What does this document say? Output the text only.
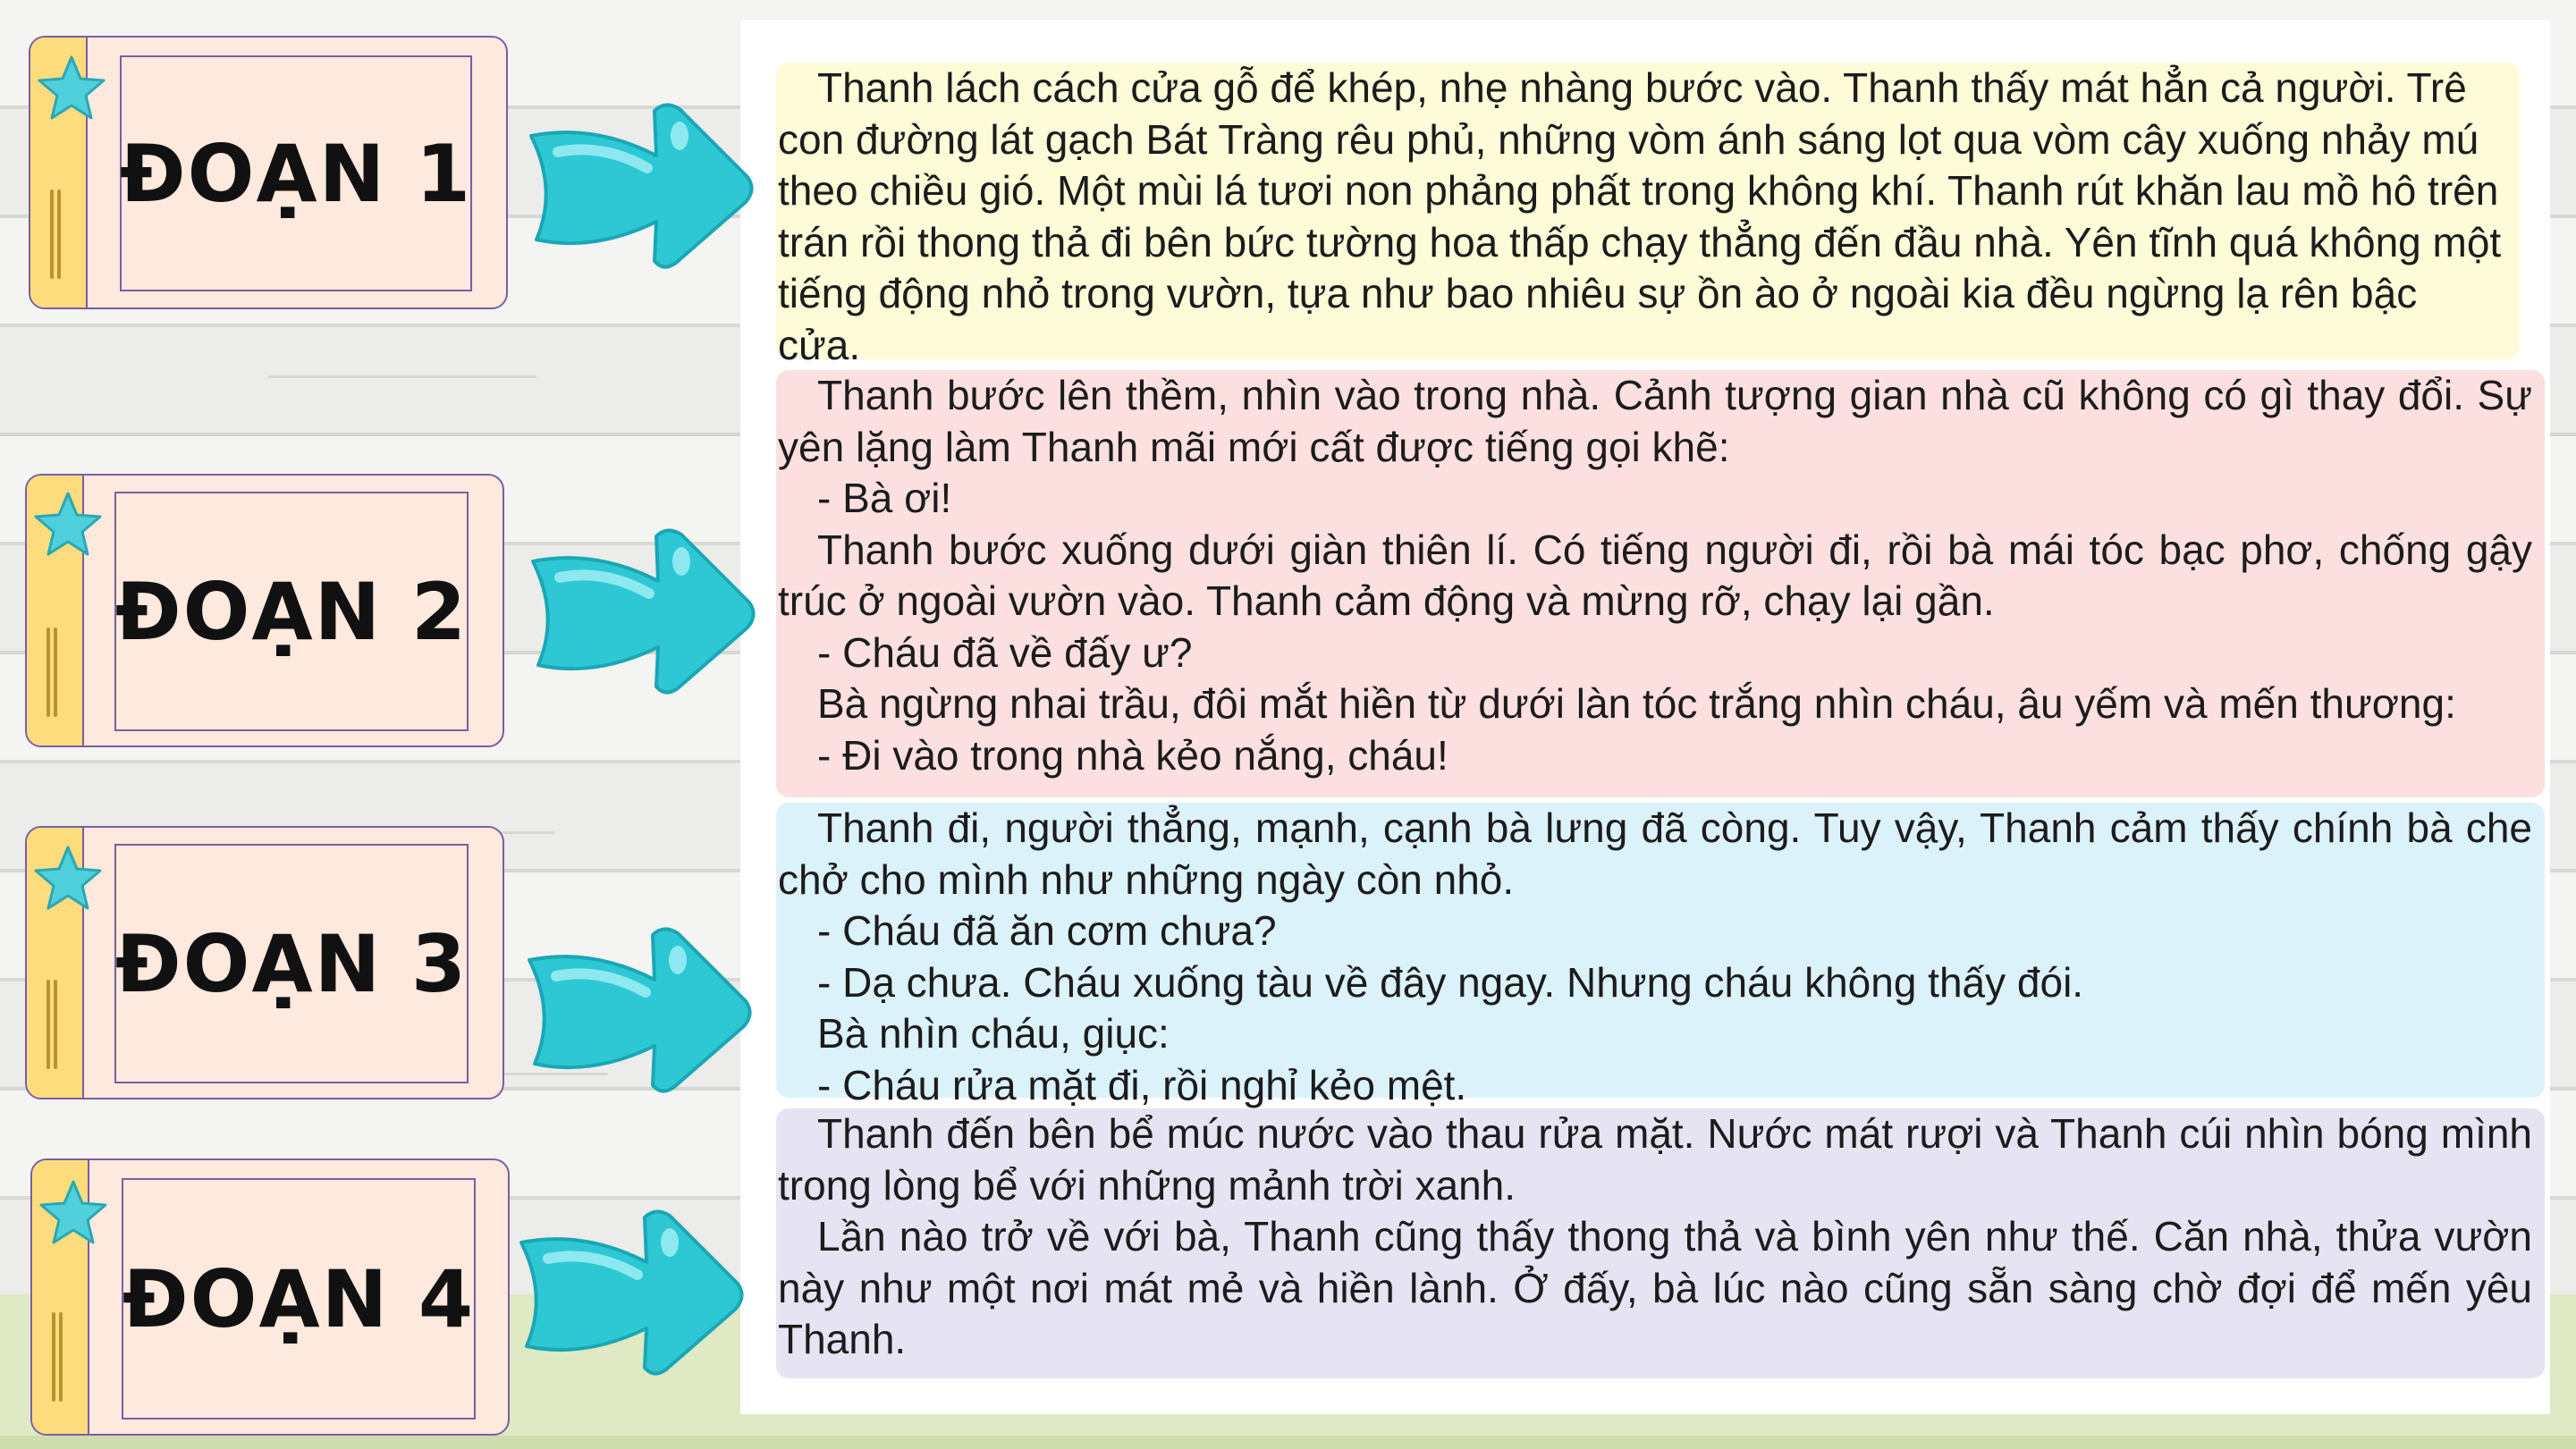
Thanh lách cách cửa gỗ để khép, nhẹ nhàng bước vào. Thanh thấy mát hẳn cả người. Trê con đường lát gạch Bát Tràng rêu phủ, những vòm ánh sáng lọt qua vòm cây xuống nhảy mú theo chiều gió. Một mùi lá tươi non phảng phất trong không khí. Thanh rút khăn lau mồ hô trên trán rồi thong thả đi bên bức tường hoa thấp chạy thẳng đến đầu nhà. Yên tĩnh quá không một tiếng động nhỏ trong vườn, tựa như bao nhiêu sự ồn ào ở ngoài kia đều ngừng lạ rên bậc cửa.

Thanh bước lên thềm, nhìn vào trong nhà. Cảnh tượng gian nhà cũ không có gì thay đổi. Sự yên lặng làm Thanh mãi mới cất được tiếng gọi khẽ:

- Bà ơi!

Thanh bước xuống dưới giàn thiên lí. Có tiếng người đi, rồi bà mái tóc bạc phơ, chống gậy trúc ở ngoài vườn vào. Thanh cảm động và mừng rỡ, chạy lại gần.

- Cháu đã về đấy ư?

Bà ngừng nhai trầu, đôi mắt hiền từ dưới làn tóc trắng nhìn cháu, âu yếm và mến thương:

- Đi vào trong nhà kẻo nắng, cháu!

Thanh đi, người thẳng, mạnh, cạnh bà lưng đã còng. Tuy vậy, Thanh cảm thấy chính bà che chở cho mình như những ngày còn nhỏ.

- Cháu đã ăn cơm chưa?

- Dạ chưa. Cháu xuống tàu về đây ngay. Nhưng cháu không thấy đói.

Bà nhìn cháu, giục:

- Cháu rửa mặt đi, rồi nghỉ kẻo mệt.

Thanh đến bên bể múc nước vào thau rửa mặt. Nước mát rượi và Thanh cúi nhìn bóng mình trong lòng bể với những mảnh trời xanh.

Lần nào trở về với bà, Thanh cũng thấy thong thả và bình yên như thế. Căn nhà, thửa vườn này như một nơi mát mẻ và hiền lành. Ở đấy, bà lúc nào cũng sẵn sàng chờ đợi để mến yêu Thanh.

ĐOẠN 1
ĐOẠN 2
ĐOẠN 3
ĐOẠN 4
